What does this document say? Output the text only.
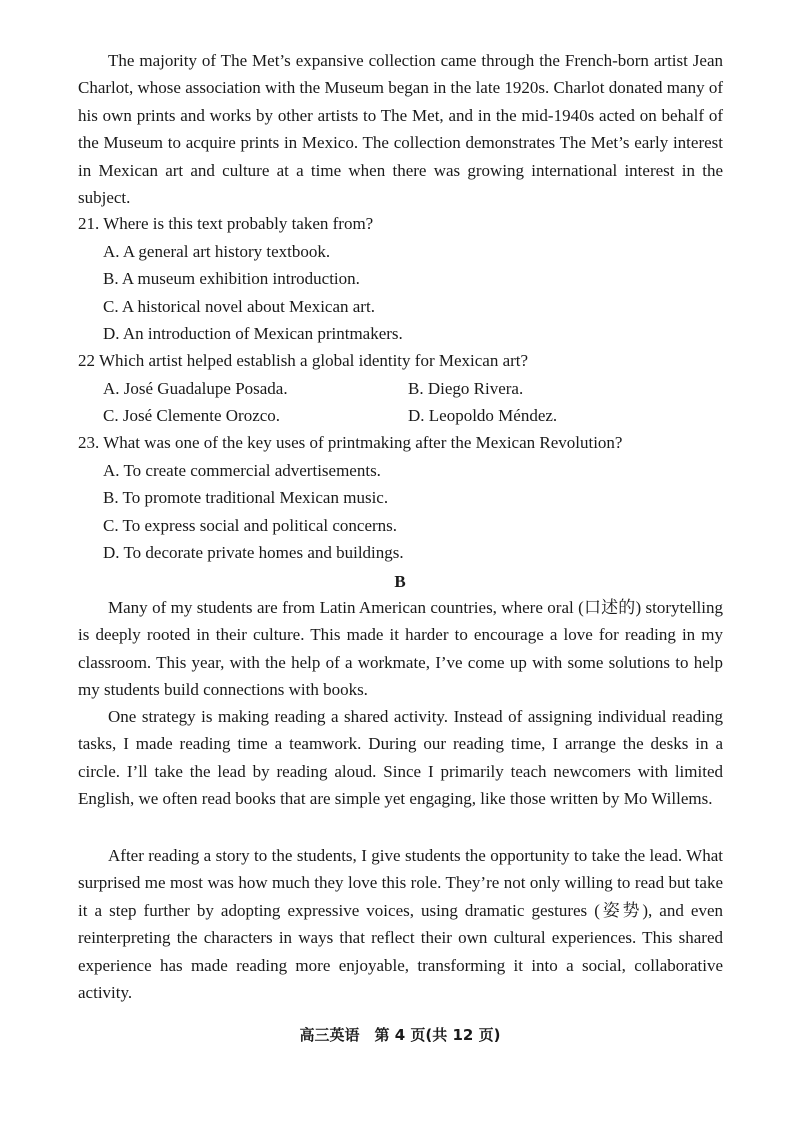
The majority of The Met’s expansive collection came through the French-born artist Jean Charlot, whose association with the Museum began in the late 1920s. Charlot donated many of his own prints and works by other artists to The Met, and in the mid-1940s acted on behalf of the Museum to acquire prints in Mexico. The collection demonstrates The Met’s early interest in Mexican art and culture at a time when there was growing international interest in the subject.

21. Where is this text probably taken from?

A. A general art history textbook.

B. A museum exhibition introduction.

C. A historical novel about Mexican art.

D. An introduction of Mexican printmakers.

22 Which artist helped establish a global identity for Mexican art?

A. José Guadalupe Posada.	B. Diego Rivera.

C. José Clemente Orozco.	D. Leopoldo Méndez.

23. What was one of the key uses of printmaking after the Mexican Revolution?

A. To create commercial advertisements.

B. To promote traditional Mexican music.

C. To express social and political concerns.

D. To decorate private homes and buildings.

B

Many of my students are from Latin American countries, where oral (口述的) storytelling is deeply rooted in their culture. This made it harder to encourage a love for reading in my classroom. This year, with the help of a workmate, I’ve come up with some solutions to help my students build connections with books.

One strategy is making reading a shared activity. Instead of assigning individual reading tasks, I made reading time a teamwork. During our reading time, I arrange the desks in a circle. I’ll take the lead by reading aloud. Since I primarily teach newcomers with limited English, we often read books that are simple yet engaging, like those written by Mo Willems.

After reading a story to the students, I give students the opportunity to take the lead. What surprised me most was how much they love this role. They’re not only willing to read but take it a step further by adopting expressive voices, using dramatic gestures (姿势), and even reinterpreting the characters in ways that reflect their own cultural experiences. This shared experience has made reading more enjoyable, transforming it into a social, collaborative activity.

高三英语　第 4 页(共 12 页)
